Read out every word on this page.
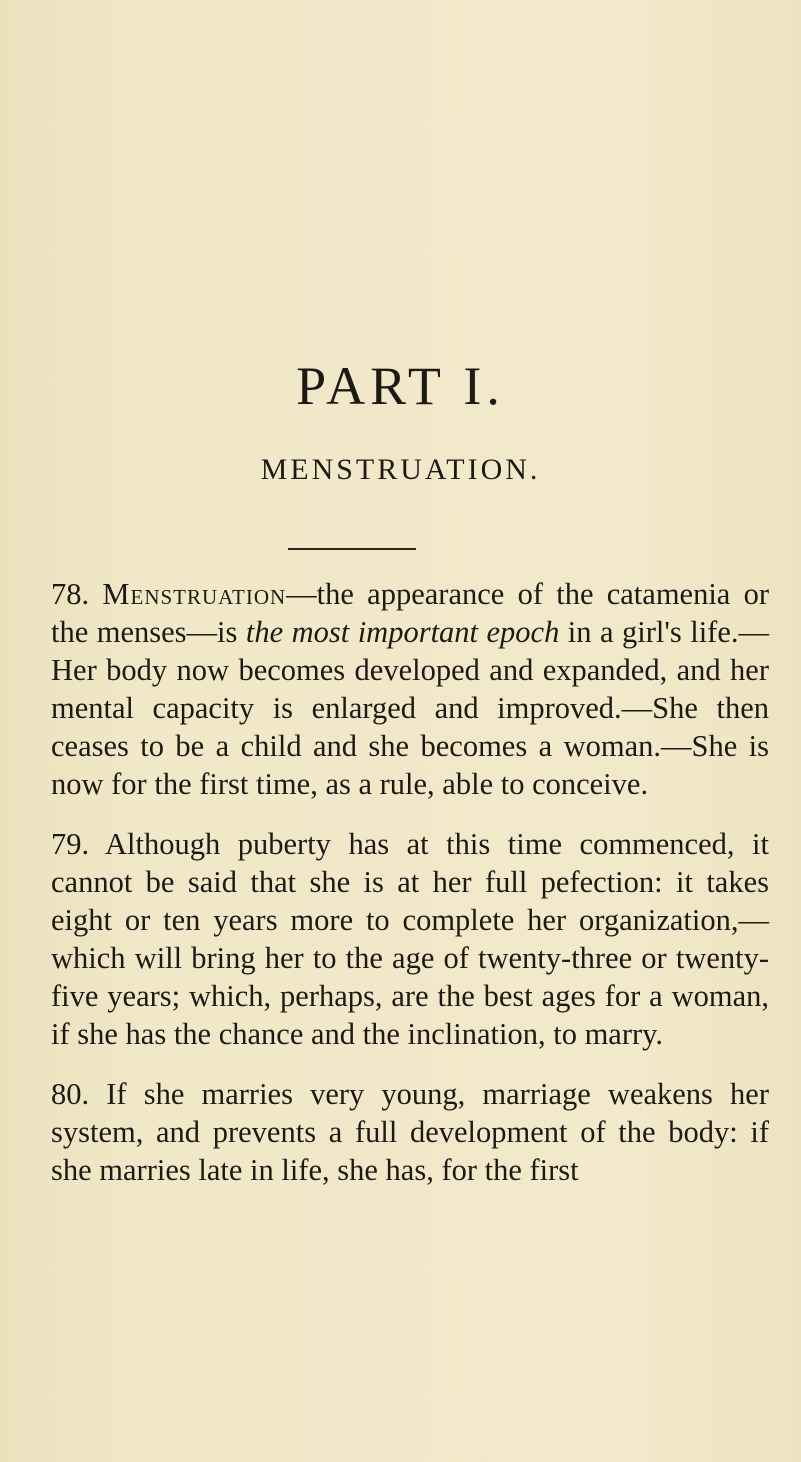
PART I.
MENSTRUATION.

78. Menstruation—the appearance of the catamenia or the menses—is the most important epoch in a girl's life.—Her body now becomes developed and expanded, and her mental capacity is enlarged and improved.—She then ceases to be a child and she becomes a woman.—She is now for the first time, as a rule, able to conceive.

79. Although puberty has at this time commenced, it cannot be said that she is at her full pefection: it takes eight or ten years more to complete her organization,—which will bring her to the age of twenty-three or twenty-five years; which, perhaps, are the best ages for a woman, if she has the chance and the inclination, to marry.

80. If she marries very young, marriage weakens her system, and prevents a full development of the body: if she marries late in life, she has, for the first
